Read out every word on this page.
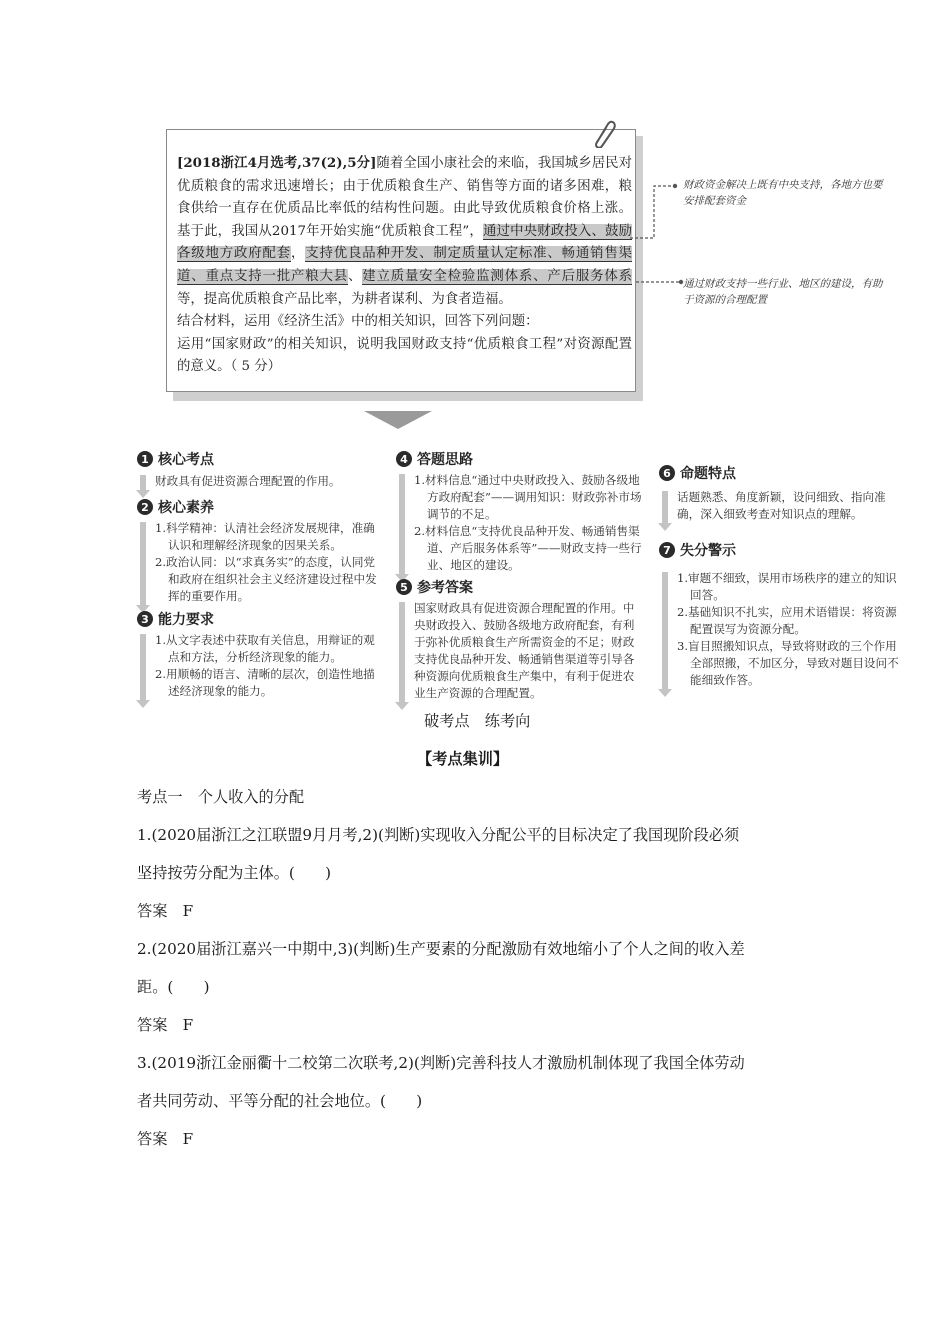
[2018浙江4月选考,37(2),5分]随着全国小康社会的来临，我国城乡居民对优质粮食的需求迅速增长；由于优质粮食生产、销售等方面的诸多困难，粮食供给一直存在优质品比率低的结构性问题。由此导致优质粮食价格上涨。基于此，我国从2017年开始实施“优质粮食工程”，通过中央财政投入、鼓励各级地方政府配套，支持优良品种开发、制定质量认定标准、畅通销售渠道、重点支持一批产粮大县、建立质量安全检验监测体系、产后服务体系等，提高优质粮食产品比率，为耕者谋利、为食者造福。
结合材料，运用《经济生活》中的相关知识，回答下列问题：
运用“国家财政”的相关知识，说明我国财政支持“优质粮食工程”对资源配置的意义。（ 5 分）
财政资金解决上既有中央支持，各地方也要安排配套资金
通过财政支持一些行业、地区的建设，有助于资源的合理配置
1 核心考点

财政具有促进资源合理配置的作用。

2 核心素养

1.科学精神：认清社会经济发展规律，准确认识和理解经济现象的因果关系。

2.政治认同：以“求真务实”的态度，认同党和政府在组织社会主义经济建设过程中发挥的重要作用。

3 能力要求

1.从文字表述中获取有关信息，用辩证的观点和方法，分析经济现象的能力。

2.用顺畅的语言、清晰的层次，创造性地描述经济现象的能力。

4 答题思路

1.材料信息“通过中央财政投入、鼓励各级地方政府配套”——调用知识：财政弥补市场调节的不足。

2.材料信息“支持优良品种开发、畅通销售渠道、产后服务体系等”——财政支持一些行业、地区的建设。

5 参考答案

国家财政具有促进资源合理配置的作用。中央财政投入、鼓励各级地方政府配套，有利于弥补优质粮食生产所需资金的不足；财政支持优良品种开发、畅通销售渠道等引导各种资源向优质粮食生产集中，有利于促进农业生产资源的合理配置。

6 命题特点

话题熟悉、角度新颖，设问细致、指向准确，深入细致考查对知识点的理解。

7 失分警示

1.审题不细致，误用市场秩序的建立的知识回答。

2.基础知识不扎实，应用术语错误：将资源配置误写为资源分配。

3.盲目照搬知识点，导致将财政的三个作用全部照搬，不加区分，导致对题目设问不能细致作答。

破考点　练考向
【考点集训】
考点一　个人收入的分配
1.(2020届浙江之江联盟9月月考,2)(判断)实现收入分配公平的目标决定了我国现阶段必须
坚持按劳分配为主体。(　　)
答案　F
2.(2020届浙江嘉兴一中期中,3)(判断)生产要素的分配激励有效地缩小了个人之间的收入差
距。(　　)
答案　F
3.(2019浙江金丽衢十二校第二次联考,2)(判断)完善科技人才激励机制体现了我国全体劳动
者共同劳动、平等分配的社会地位。(　　)
答案　F
